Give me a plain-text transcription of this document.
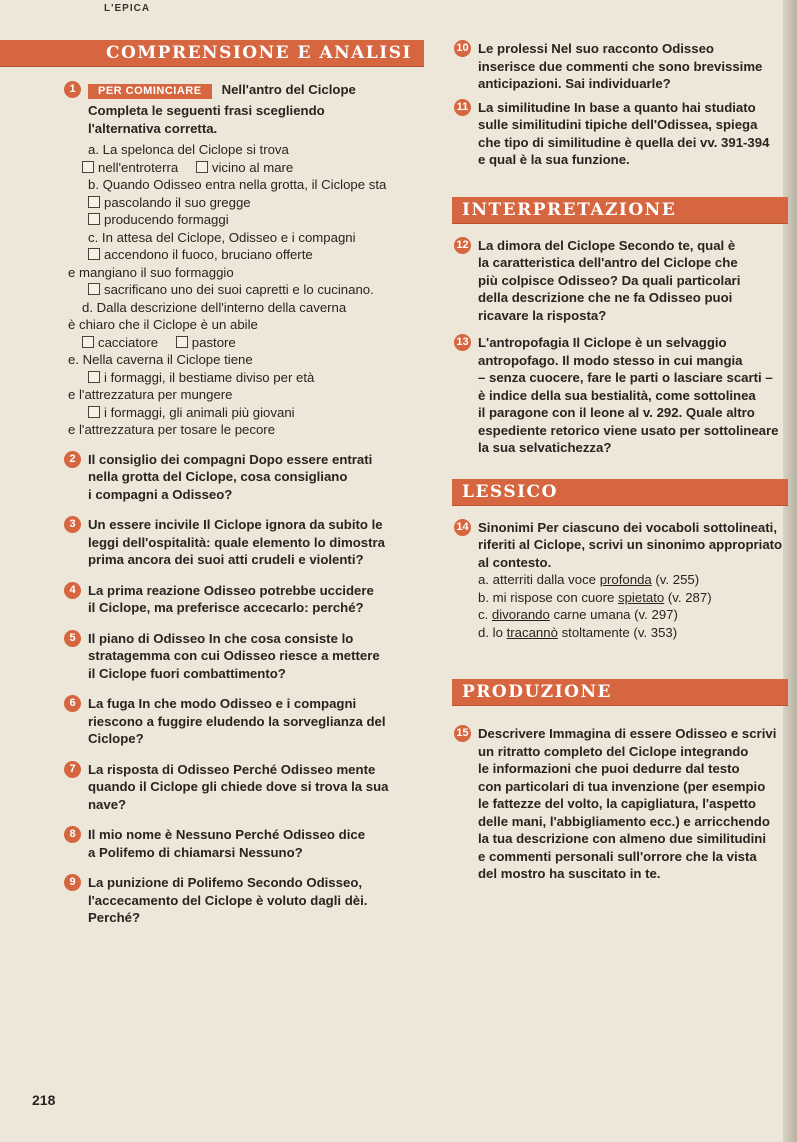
L'EPICA
COMPRENSIONE E ANALISI
1	PER COMINCIARE Nell'antro del Ciclope

Completa le seguenti frasi scegliendo

l'alternativa corretta.

a. La spelonca del Ciclope si trova

nell'entroterra	vicino al mare

b. Quando Odisseo entra nella grotta, il Ciclope sta

pascolando il suo gregge

producendo formaggi

c. In attesa del Ciclope, Odisseo e i compagni

accendono il fuoco, bruciano offerte

e mangiano il suo formaggio

sacrificano uno dei suoi capretti e lo cucinano.

d. Dalla descrizione dell'interno della caverna

è chiaro che il Ciclope è un abile

cacciatore	pastore

e. Nella caverna il Ciclope tiene

i formaggi, il bestiame diviso per età

e l'attrezzatura per mungere

i formaggi, gli animali più giovani

e l'attrezzatura per tosare le pecore

2 Il consiglio dei compagni Dopo essere entrati

nella grotta del Ciclope, cosa consigliano

i compagni a Odisseo?

3 Un essere incivile Il Ciclope ignora da subito le

leggi dell'ospitalità: quale elemento lo dimostra

prima ancora dei suoi atti crudeli e violenti?

4 La prima reazione Odisseo potrebbe uccidere

il Ciclope, ma preferisce accecarlo: perché?

5 Il piano di Odisseo In che cosa consiste lo

stratagemma con cui Odisseo riesce a mettere

il Ciclope fuori combattimento?

6 La fuga In che modo Odisseo e i compagni

riescono a fuggire eludendo la sorveglianza del

Ciclope?

7 La risposta di Odisseo Perché Odisseo mente

quando il Ciclope gli chiede dove si trova la sua

nave?

8 Il mio nome è Nessuno Perché Odisseo dice

a Polifemo di chiamarsi Nessuno?

9 La punizione di Polifemo Secondo Odisseo,

l'accecamento del Ciclope è voluto dagli dèi.

Perché?

10 Le prolessi Nel suo racconto Odisseo

inserisce due commenti che sono brevissime

anticipazioni. Sai individuarle?

11 La similitudine In base a quanto hai studiato

sulle similitudini tipiche dell'Odissea, spiega

che tipo di similitudine è quella dei vv. 391-394

e qual è la sua funzione.

INTERPRETAZIONE
12 La dimora del Ciclope Secondo te, qual è

la caratteristica dell'antro del Ciclope che

più colpisce Odisseo? Da quali particolari

della descrizione che ne fa Odisseo puoi

ricavare la risposta?

13 L'antropofagia Il Ciclope è un selvaggio

antropofago. Il modo stesso in cui mangia

– senza cuocere, fare le parti o lasciare scarti –

è indice della sua bestialità, come sottolinea

il paragone con il leone al v. 292. Quale altro

espediente retorico viene usato per sottolineare

la sua selvatichezza?

LESSICO
14 Sinonimi Per ciascuno dei vocaboli sottolineati,

riferiti al Ciclope, scrivi un sinonimo appropriato

al contesto.

a. atterriti dalla voce profonda (v. 255)

b. mi rispose con cuore spietato (v. 287)

c. divorando carne umana (v. 297)

d. lo tracannò stoltamente (v. 353)

PRODUZIONE
15 Descrivere Immagina di essere Odisseo e scrivi

un ritratto completo del Ciclope integrando

le informazioni che puoi dedurre dal testo

con particolari di tua invenzione (per esempio

le fattezze del volto, la capigliatura, l'aspetto

delle mani, l'abbigliamento ecc.) e arricchendo

la tua descrizione con almeno due similitudini

e commenti personali sull'orrore che la vista

del mostro ha suscitato in te.

218
